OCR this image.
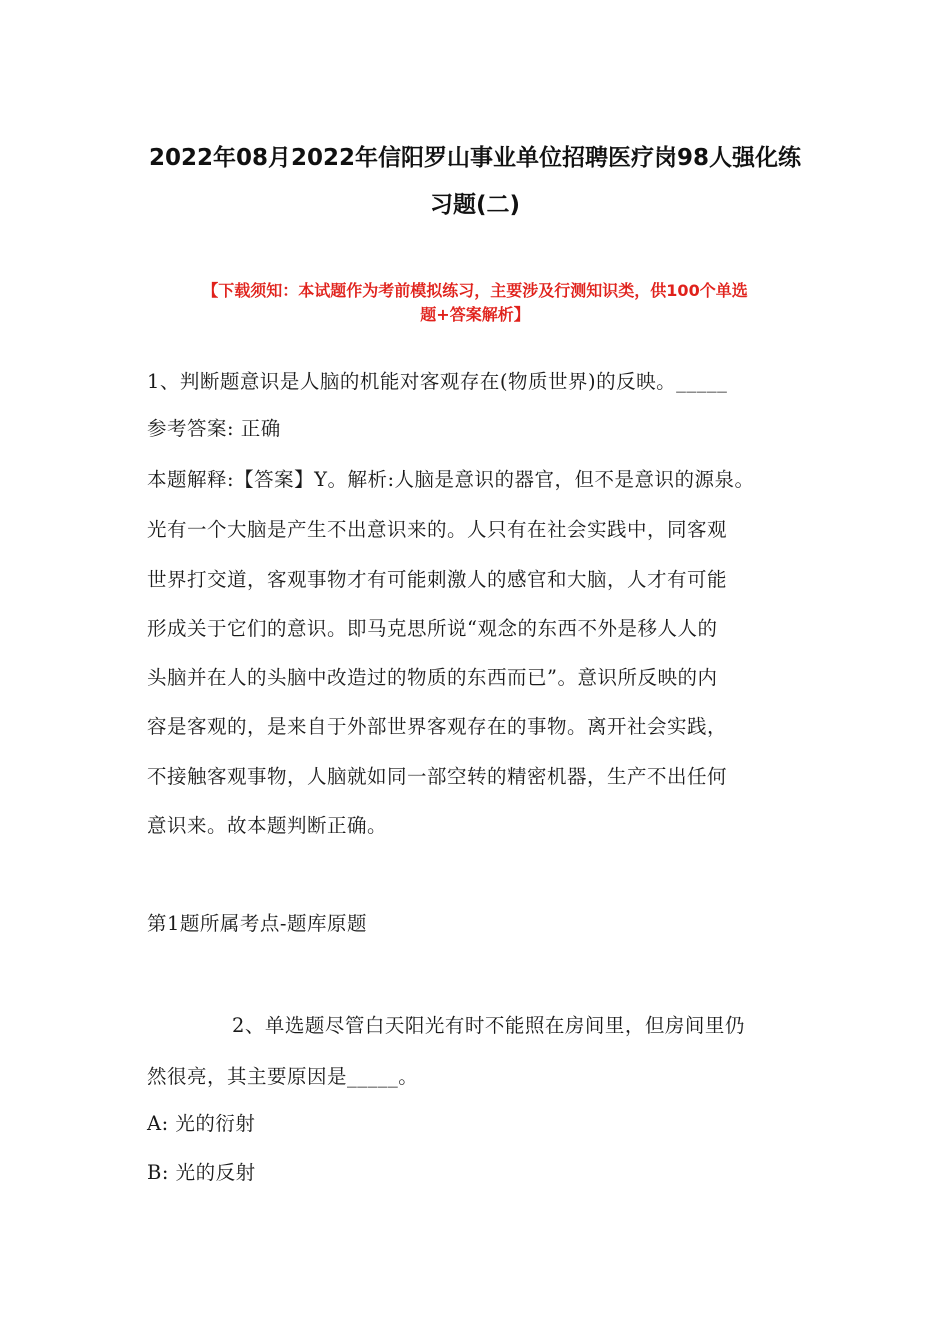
2022年08月2022年信阳罗山事业单位招聘医疗岗98人强化练
习题(二)
【下载须知：本试题作为考前模拟练习，主要涉及行测知识类，供100个单选
题+答案解析】
1、判断题意识是人脑的机能对客观存在(物质世界)的反映。_____
参考答案: 正确
本题解释:【答案】Y。解析:人脑是意识的器官，但不是意识的源泉。
光有一个大脑是产生不出意识来的。人只有在社会实践中，同客观
世界打交道，客观事物才有可能刺激人的感官和大脑，人才有可能
形成关于它们的意识。即马克思所说“观念的东西不外是移人人的
头脑并在人的头脑中改造过的物质的东西而已”。意识所反映的内
容是客观的，是来自于外部世界客观存在的事物。离开社会实践，
不接触客观事物，人脑就如同一部空转的精密机器，生产不出任何
意识来。故本题判断正确。
第1题所属考点-题库原题
2、单选题尽管白天阳光有时不能照在房间里，但房间里仍
然很亮，其主要原因是_____。
A: 光的衍射
B: 光的反射
